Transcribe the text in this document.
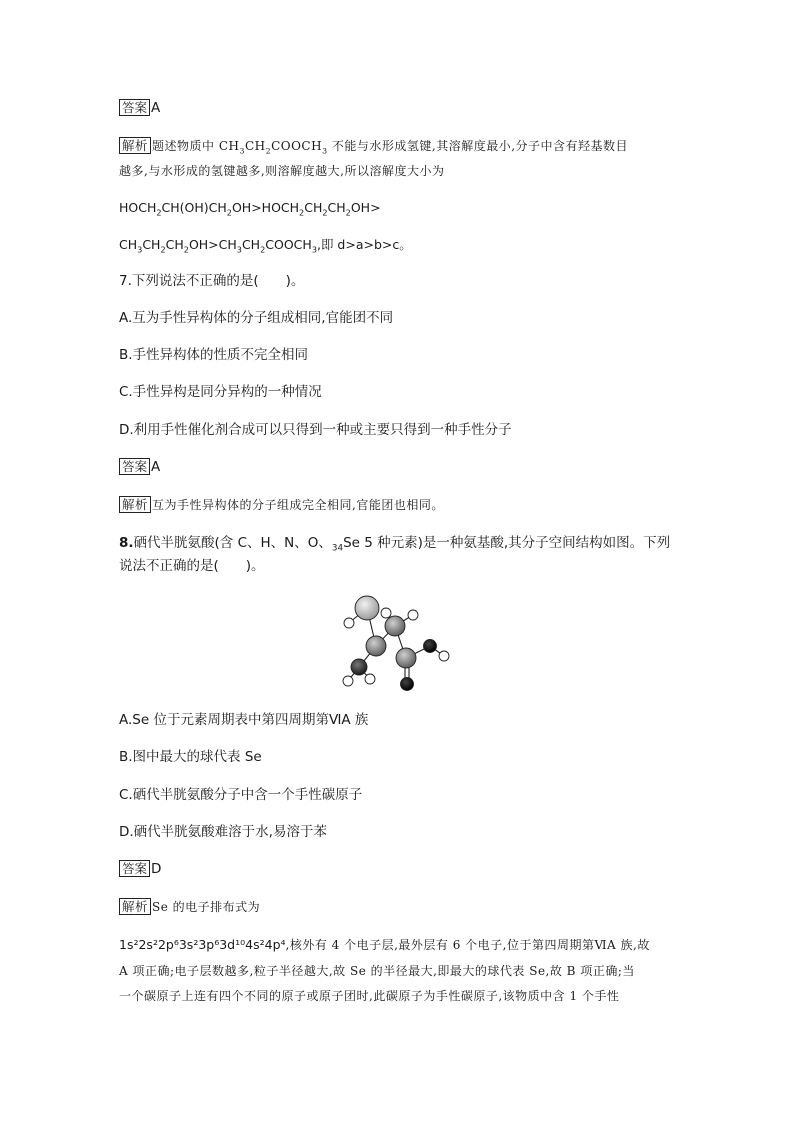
答案 A
解析 题述物质中 $CH_3CH_2COOCH_3$ 不能与水形成氢键,其溶解度最小,分子中含有羟基数目
越多,与水形成的氢键越多,则溶解度越大,所以溶解度大小为
$HOCH_2CH(OH)CH_2OH>HOCH_2CH_2CH_2OH>$
$CH_3CH_2CH_2OH>CH_3CH_2COOCH_3$,即 d>a>b>c。
7.下列说法不正确的是(　　)。
A.互为手性异构体的分子组成相同,官能团不同
B.手性异构体的性质不完全相同
C.手性异构是同分异构的一种情况
D.利用手性催化剂合成可以只得到一种或主要只得到一种手性分子
答案 A
解析 互为手性异构体的分子组成完全相同,官能团也相同。
8.硒代半胱氨酸(含 C、H、N、O、$_{34}$Se 5 种元素)是一种氨基酸,其分子空间结构如图。下列
说法不正确的是(　　)。
A.Se 位于元素周期表中第四周期第ⅥA 族
B.图中最大的球代表 Se
C.硒代半胱氨酸分子中含一个手性碳原子
D.硒代半胱氨酸难溶于水,易溶于苯
答案 D
解析 Se 的电子排布式为
1s²2s²2p⁶3s²3p⁶3d¹⁰4s²4p⁴,核外有 4 个电子层,最外层有 6 个电子,位于第四周期第ⅥA 族,故
A 项正确;电子层数越多,粒子半径越大,故 Se 的半径最大,即最大的球代表 Se,故 B 项正确;当
一个碳原子上连有四个不同的原子或原子团时,此碳原子为手性碳原子,该物质中含 1 个手性
